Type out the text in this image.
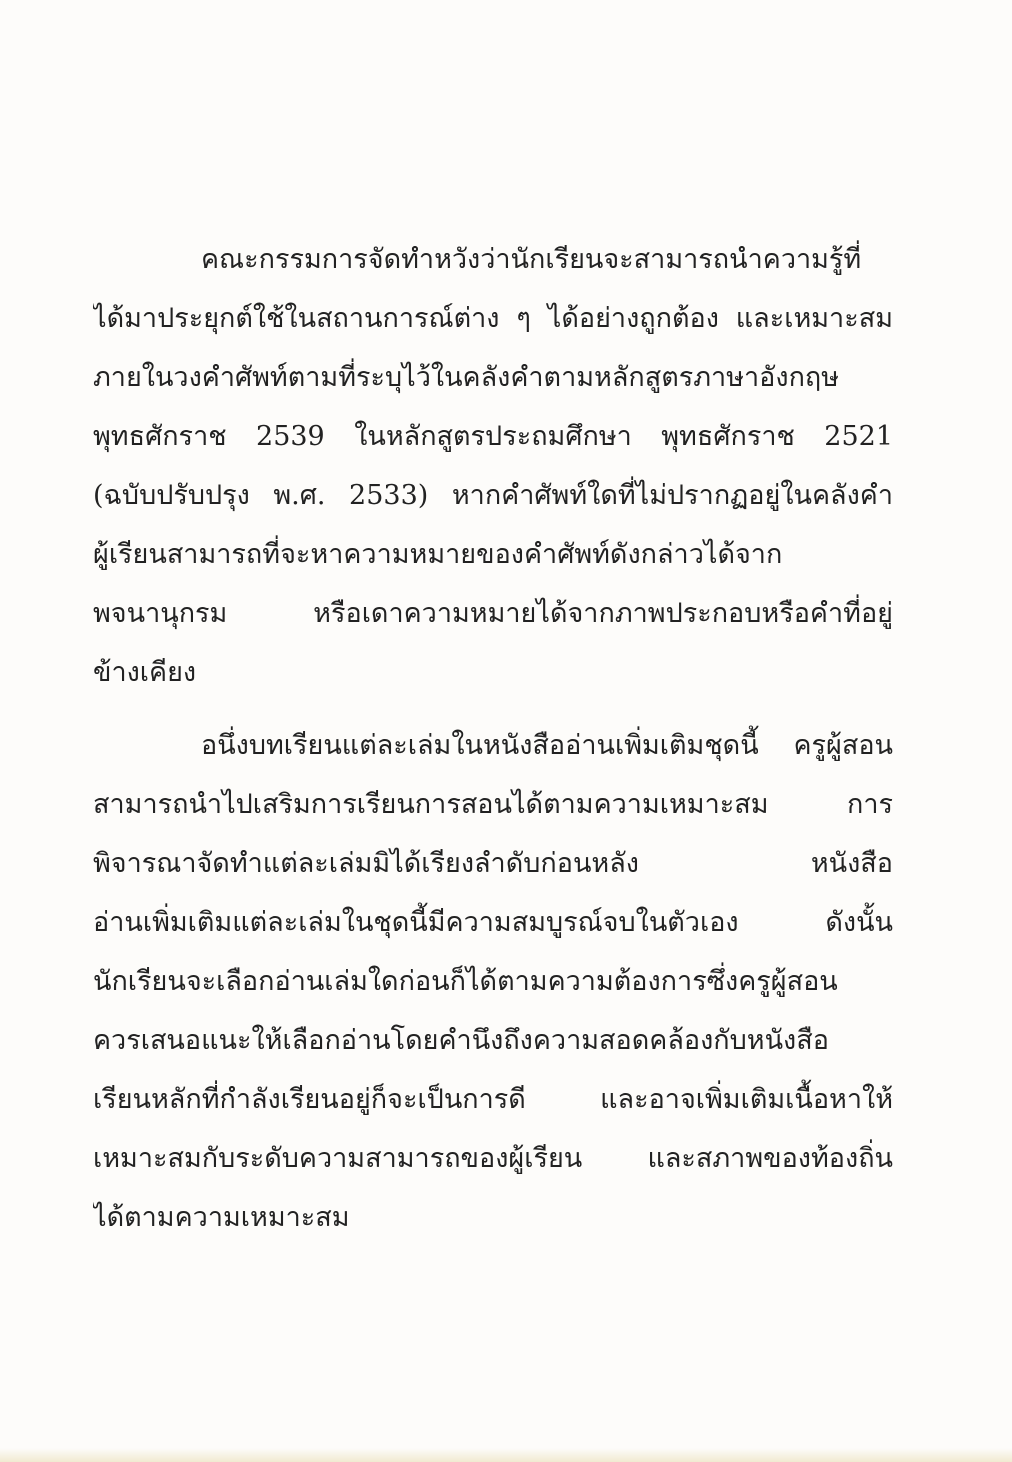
คณะกรรมการจัดทำหวังว่านักเรียนจะสามารถนำความรู้ที่
ได้มาประยุกต์ใช้ในสถานการณ์ต่าง ๆ ได้อย่างถูกต้อง และเหมาะสม
ภายในวงคำศัพท์ตามที่ระบุไว้ในคลังคำตามหลักสูตรภาษาอังกฤษ
พุทธศักราช 2539 ในหลักสูตรประถมศึกษา พุทธศักราช 2521
(ฉบับปรับปรุง พ.ศ. 2533) หากคำศัพท์ใดที่ไม่ปรากฏอยู่ในคลังคำ
ผู้เรียนสามารถที่จะหาความหมายของคำศัพท์ดังกล่าวได้จาก
พจนานุกรม หรือเดาความหมายได้จากภาพประกอบหรือคำที่อยู่
ข้างเคียง
อนึ่งบทเรียนแต่ละเล่มในหนังสืออ่านเพิ่มเติมชุดนี้ ครูผู้สอน
สามารถนำไปเสริมการเรียนการสอนได้ตามความเหมาะสม การ
พิจารณาจัดทำแต่ละเล่มมิได้เรียงลำดับก่อนหลัง หนังสือ
อ่านเพิ่มเติมแต่ละเล่มในชุดนี้มีความสมบูรณ์จบในตัวเอง ดังนั้น
นักเรียนจะเลือกอ่านเล่มใดก่อนก็ได้ตามความต้องการซึ่งครูผู้สอน
ควรเสนอแนะให้เลือกอ่านโดยคำนึงถึงความสอดคล้องกับหนังสือ
เรียนหลักที่กำลังเรียนอยู่ก็จะเป็นการดี และอาจเพิ่มเติมเนื้อหาให้
เหมาะสมกับระดับความสามารถของผู้เรียน และสภาพของท้องถิ่น
ได้ตามความเหมาะสม
